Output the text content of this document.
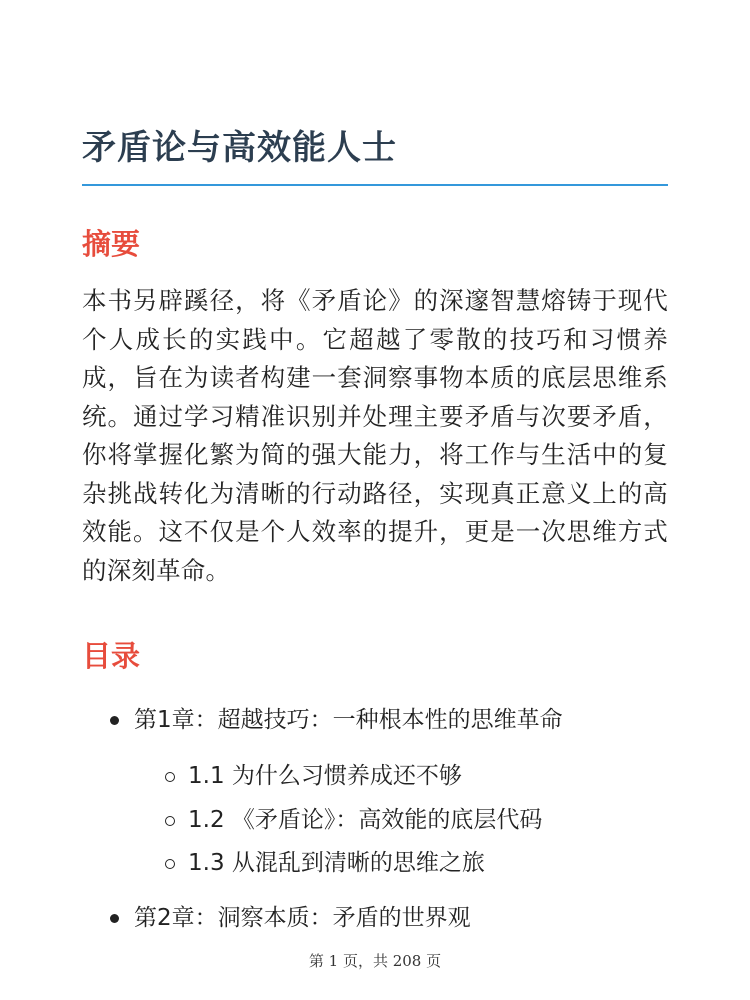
矛盾论与高效能人士
摘要

本书另辟蹊径，将《矛盾论》的深邃智慧熔铸于现代个人成长的实践中。它超越了零散的技巧和习惯养成，旨在为读者构建一套洞察事物本质的底层思维系统。通过学习精准识别并处理主要矛盾与次要矛盾，你将掌握化繁为简的强大能力，将工作与生活中的复杂挑战转化为清晰的行动路径，实现真正意义上的高效能。这不仅是个人效率的提升，更是一次思维方式的深刻革命。

目录
第1章：超越技巧：一种根本性的思维革命
1.1 为什么习惯养成还不够
1.2 《矛盾论》：高效能的底层代码
1.3 从混乱到清晰的思维之旅
第2章：洞察本质：矛盾的世界观
第 1 页，共 208 页
